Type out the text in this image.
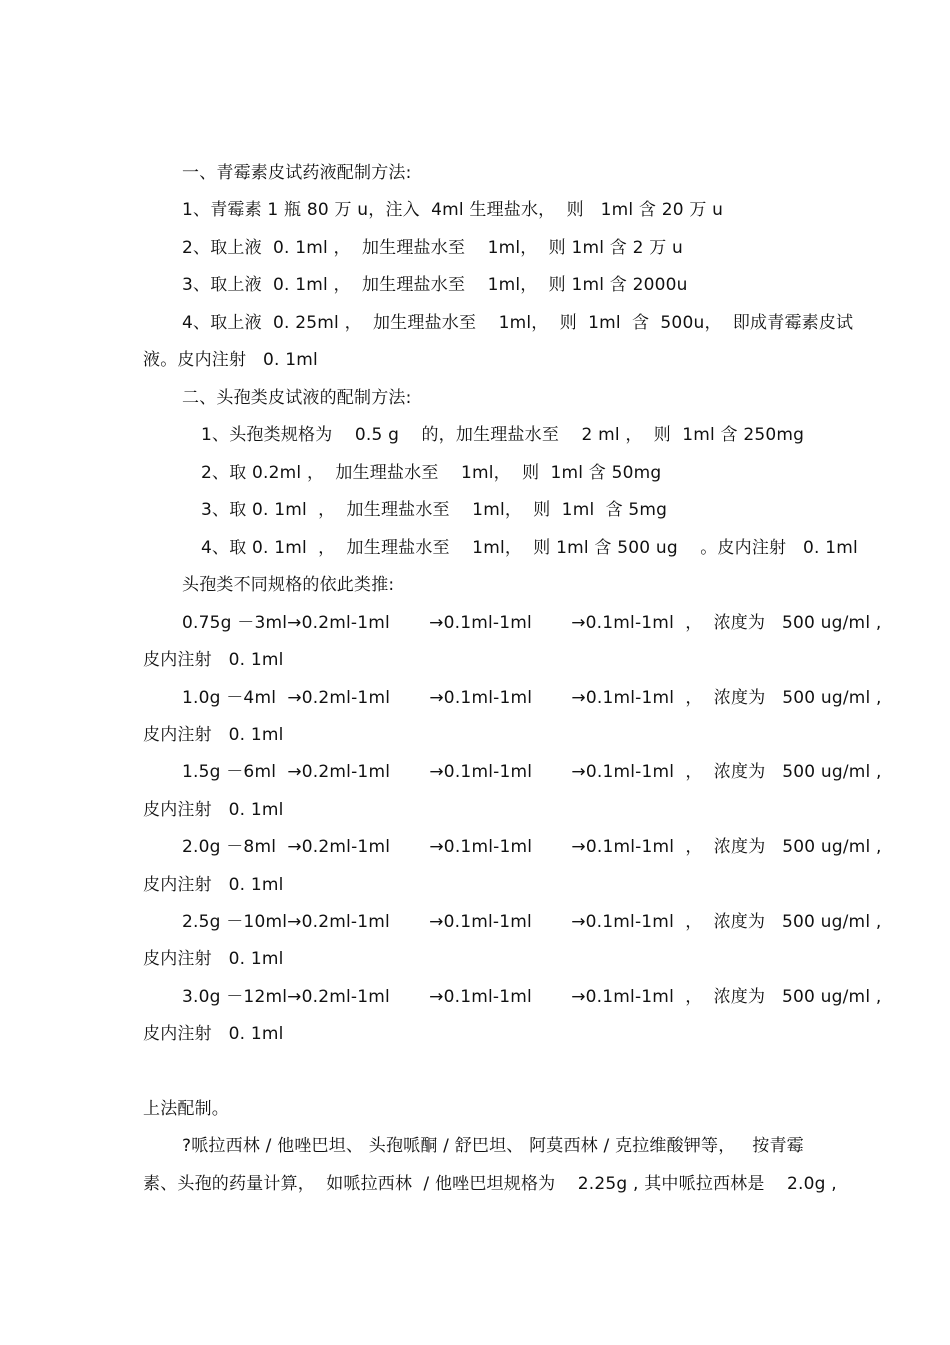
一、青霉素皮试药液配制方法:
1、青霉素 1 瓶 80 万 u，注入  4ml 生理盐水，  则   1ml 含 20 万 u
2、取上液  0. 1ml ，  加生理盐水至    1ml，  则 1ml 含 2 万 u
3、取上液  0. 1ml ，  加生理盐水至    1ml，  则 1ml 含 2000u
4、取上液  0. 25ml ，  加生理盐水至    1ml，  则  1ml  含  500u，  即成青霉素皮试
液。皮内注射   0. 1ml
二、头孢类皮试液的配制方法:
1、头孢类规格为    0.5 g    的，加生理盐水至    2 ml ，  则  1ml 含 250mg
2、取 0.2ml ，  加生理盐水至    1ml，  则  1ml 含 50mg
3、取 0. 1ml  ，  加生理盐水至    1ml，  则  1ml  含 5mg
4、取 0. 1ml  ，  加生理盐水至    1ml，  则 1ml 含 500 ug    。皮内注射   0. 1ml
头孢类不同规格的依此类推:
0.75g －3ml→0.2ml-1ml       →0.1ml-1ml       →0.1ml-1ml  ，  浓度为   500 ug/ml ,
皮内注射   0. 1ml
1.0g －4ml  →0.2ml-1ml       →0.1ml-1ml       →0.1ml-1ml  ，  浓度为   500 ug/ml ,
皮内注射   0. 1ml
1.5g －6ml  →0.2ml-1ml       →0.1ml-1ml       →0.1ml-1ml  ，  浓度为   500 ug/ml ,
皮内注射   0. 1ml
2.0g －8ml  →0.2ml-1ml       →0.1ml-1ml       →0.1ml-1ml  ，  浓度为   500 ug/ml ,
皮内注射   0. 1ml
2.5g －10ml→0.2ml-1ml       →0.1ml-1ml       →0.1ml-1ml  ，  浓度为   500 ug/ml ,
皮内注射   0. 1ml
3.0g －12ml→0.2ml-1ml       →0.1ml-1ml       →0.1ml-1ml  ，  浓度为   500 ug/ml ,
皮内注射   0. 1ml
上法配制。
?哌拉西林 / 他唑巴坦、 头孢哌酮 / 舒巴坦、 阿莫西林 / 克拉维酸钾等，   按青霉
素、头孢的药量计算，  如哌拉西林  / 他唑巴坦规格为    2.25g , 其中哌拉西林是    2.0g ,
